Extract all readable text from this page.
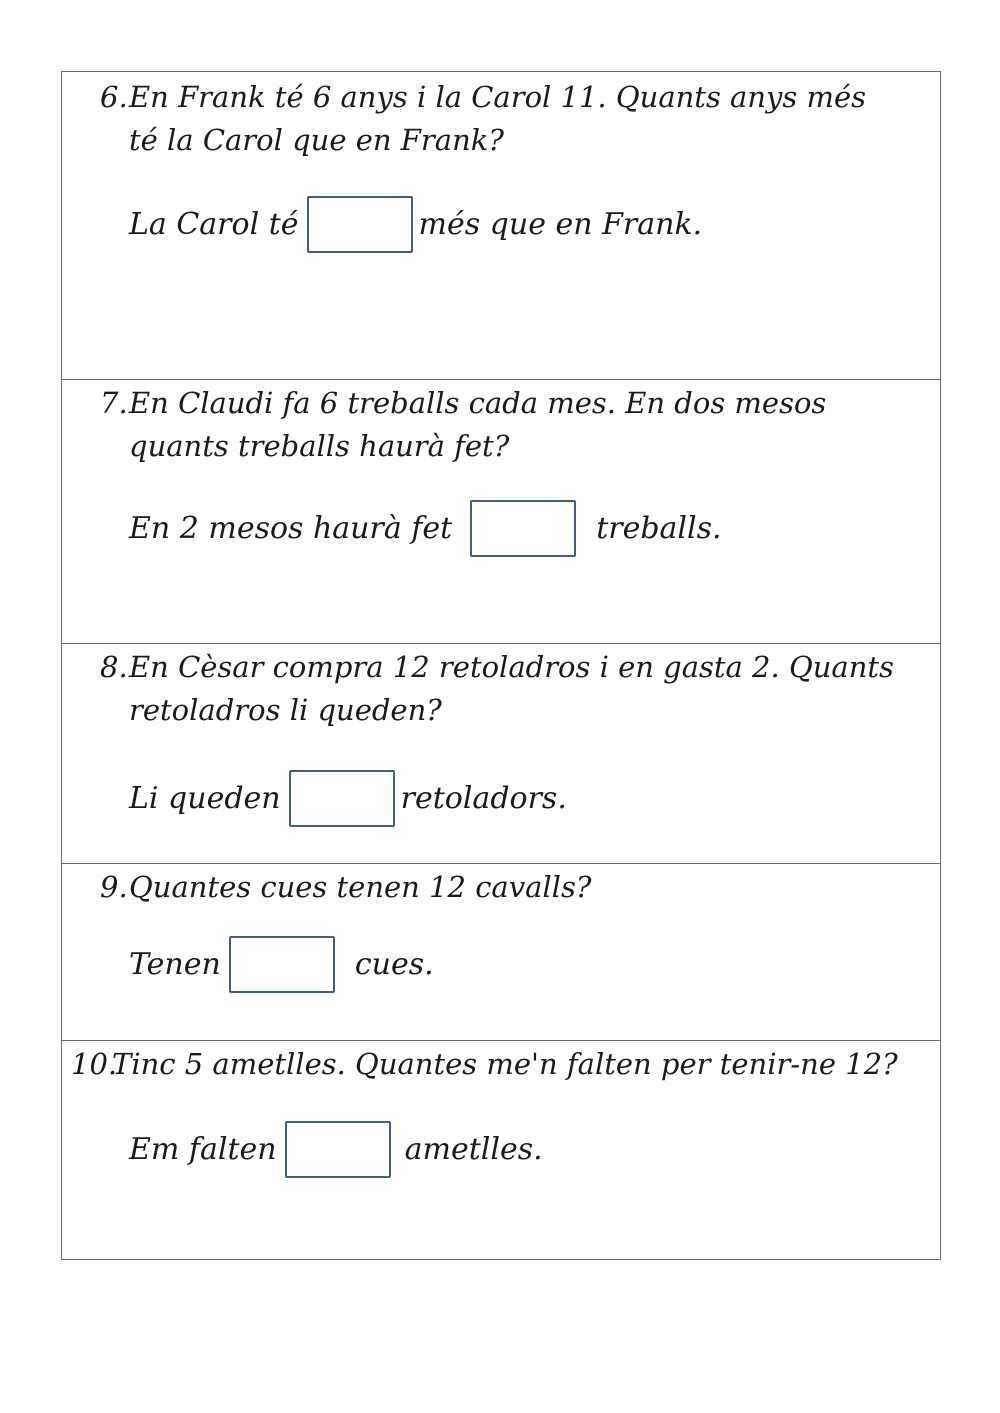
6. En Frank té 6 anys i la Carol 11. Quants anys més
té la Carol que en Frank?
La Carol té	més que en Frank.
7. En Claudi fa 6 treballs cada mes. En dos mesos
quants treballs haurà fet?
En 2 mesos haurà fet	treballs.
8. En Cèsar compra 12 retoladros i en gasta 2. Quants
retoladros li queden?
Li queden	retoladors.
9. Quantes cues tenen 12 cavalls?
Tenen	cues.
10.
Tinc 5 ametlles. Quantes me'n falten per tenir-ne 12?
Em falten	ametlles.
